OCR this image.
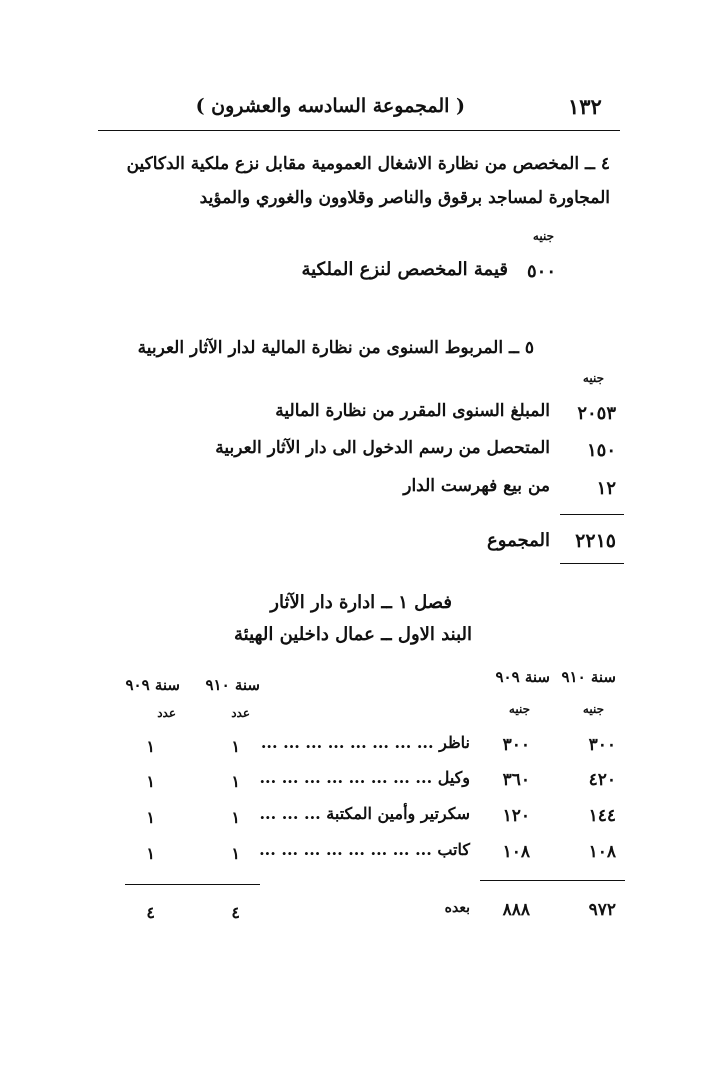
١٣٢
( المجموعة السادسه والعشرون )
٤ ــ المخصص من نظارة الاشغال العمومية مقابل نزع ملكية الدكاكين
المجاورة لمساجد برقوق والناصر وقلاوون والغوري والمؤيد
جنيه
٥٠٠
قيمة المخصص لنزع الملكية
٥ ــ المربوط السنوى من نظارة المالية لدار الآثار العربية
جنيه
٢٠٥٣
المبلغ السنوى المقرر من نظارة المالية
١٥٠
المتحصل من رسم الدخول الى دار الآثار العربية
١٢
من بيع فهرست الدار
٢٢١٥
المجموع
فصل ١ ــ ادارة دار الآثار
البند الاول ــ عمال داخلين الهيئة
سنة ٩١٠
سنة ٩٠٩
سنة ٩١٠
سنة ٩٠٩
جنيه
جنيه
عدد
عدد
٣٠٠
٣٠٠
ناظر ... ... ... ... ... ... ... ...
١
١
٤٢٠
٣٦٠
وكيل ... ... ... ... ... ... ... ...
١
١
١٤٤
١٢٠
سكرتير وأمين المكتبة ... ... ...
١
١
١٠٨
١٠٨
كاتب ... ... ... ... ... ... ... ...
١
١
٩٧٢
٨٨٨
بعده
٤
٤
